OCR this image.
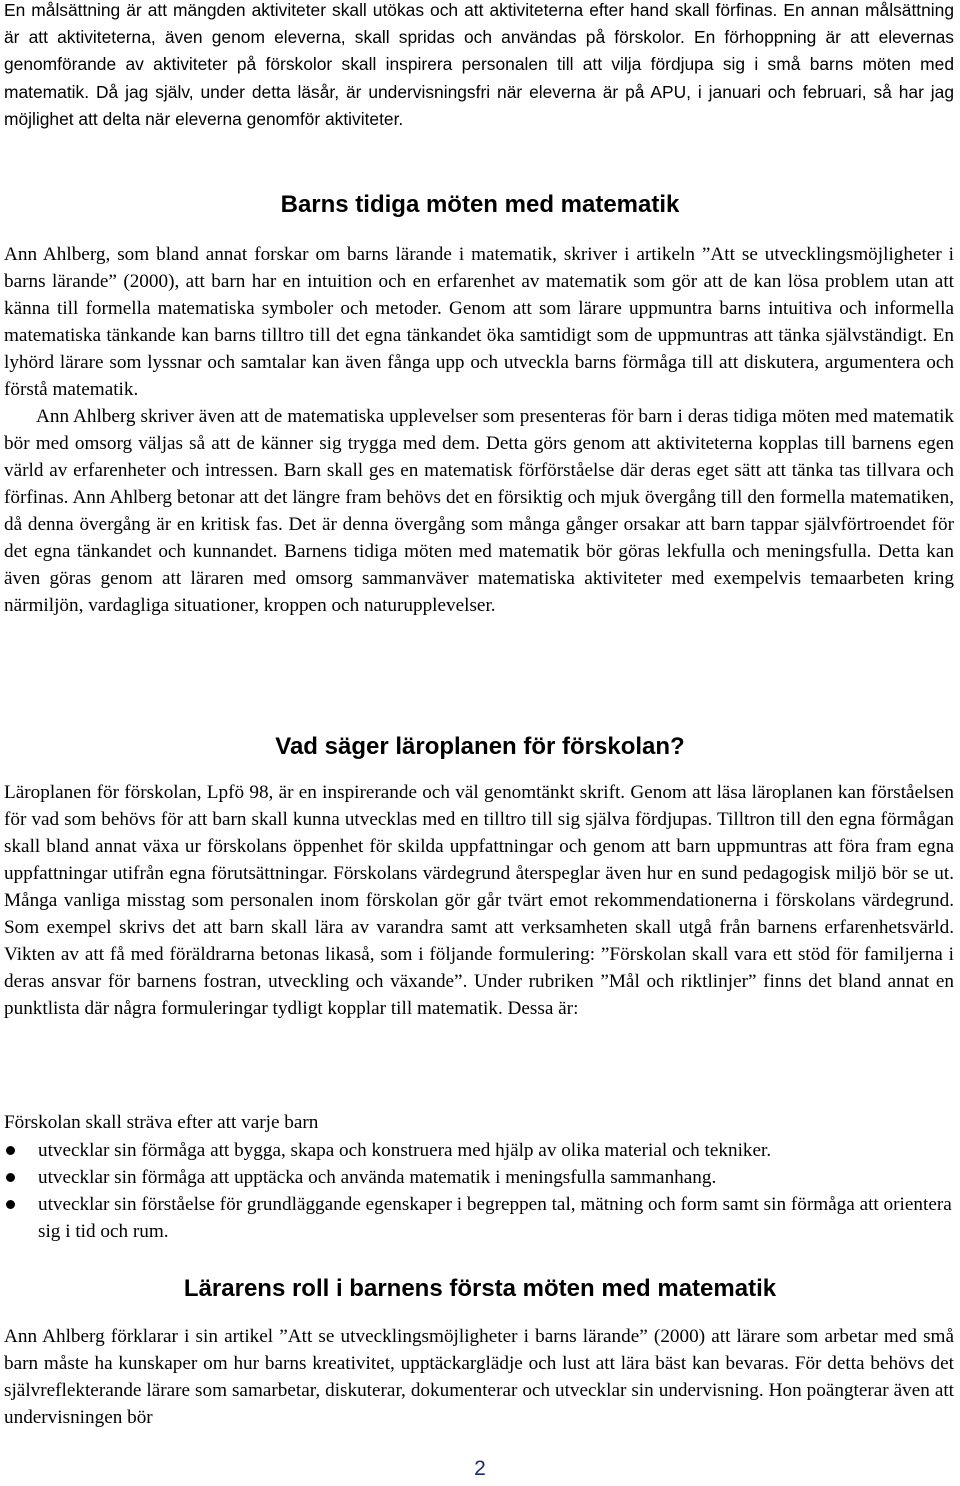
En målsättning är att mängden aktiviteter skall utökas och att aktiviteterna efter hand skall förfinas. En annan målsättning är att aktiviteterna, även genom eleverna, skall spridas och användas på förskolor. En förhoppning är att elevernas genomförande av aktiviteter på förskolor skall inspirera personalen till att vilja fördjupa sig i små barns möten med matematik. Då jag själv, under detta läsår, är undervisningsfri när eleverna är på APU, i januari och februari, så har jag möjlighet att delta när eleverna genomför aktiviteter.

Barns tidiga möten med matematik

Ann Ahlberg, som bland annat forskar om barns lärande i matematik, skriver i artikeln ”Att se utvecklingsmöjligheter i barns lärande” (2000), att barn har en intuition och en erfarenhet av matematik som gör att de kan lösa problem utan att känna till formella matematiska symboler och metoder. Genom att som lärare uppmuntra barns intuitiva och informella matematiska tänkande kan barns tilltro till det egna tänkandet öka samtidigt som de uppmuntras att tänka självständigt. En lyhörd lärare som lyssnar och samtalar kan även fånga upp och utveckla barns förmåga till att diskutera, argumentera och förstå matematik.

Ann Ahlberg skriver även att de matematiska upplevelser som presenteras för barn i deras tidiga möten med matematik bör med omsorg väljas så att de känner sig trygga med dem. Detta görs genom att aktiviteterna kopplas till barnens egen värld av erfarenheter och intressen. Barn skall ges en matematisk förförståelse där deras eget sätt att tänka tas tillvara och förfinas. Ann Ahlberg betonar att det längre fram behövs det en försiktig och mjuk övergång till den formella matematiken, då denna övergång är en kritisk fas. Det är denna övergång som många gånger orsakar att barn tappar självförtroendet för det egna tänkandet och kunnandet. Barnens tidiga möten med matematik bör göras lekfulla och meningsfulla. Detta kan även göras genom att läraren med omsorg sammanväver matematiska aktiviteter med exempelvis temaarbeten kring närmiljön, vardagliga situationer, kroppen och naturupplevelser.

Vad säger läroplanen för förskolan?

Läroplanen för förskolan, Lpfö 98, är en inspirerande och väl genomtänkt skrift. Genom att läsa läroplanen kan förståelsen för vad som behövs för att barn skall kunna utvecklas med en tilltro till sig själva fördjupas. Tilltron till den egna förmågan skall bland annat växa ur förskolans öppenhet för skilda uppfattningar och genom att barn uppmuntras att föra fram egna uppfattningar utifrån egna förutsättningar. Förskolans värdegrund återspeglar även hur en sund pedagogisk miljö bör se ut. Många vanliga misstag som personalen inom förskolan gör går tvärt emot rekommendationerna i förskolans värdegrund. Som exempel skrivs det att barn skall lära av varandra samt att verksamheten skall utgå från barnens erfarenhetsvärld. Vikten av att få med föräldrarna betonas likaså, som i följande formulering: ”Förskolan skall vara ett stöd för familjerna i deras ansvar för barnens fostran, utveckling och växande”. Under rubriken ”Mål och riktlinjer” finns det bland annat en punktlista där några formuleringar tydligt kopplar till matematik. Dessa är:

Förskolan skall sträva efter att varje barn

utvecklar sin förmåga att bygga, skapa och konstruera med hjälp av olika material och tekniker.
utvecklar sin förmåga att upptäcka och använda matematik i meningsfulla sammanhang.
utvecklar sin förståelse för grundläggande egenskaper i begreppen tal, mätning och form samt sin förmåga att orientera sig i tid och rum.
Lärarens roll i barnens första möten med matematik

Ann Ahlberg förklarar i sin artikel ”Att se utvecklingsmöjligheter i barns lärande” (2000) att lärare som arbetar med små barn måste ha kunskaper om hur barns kreativitet, upptäckarglädje och lust att lära bäst kan bevaras. För detta behövs det självreflekterande lärare som samarbetar, diskuterar, dokumenterar och utvecklar sin undervisning. Hon poängterar även att undervisningen bör

2
